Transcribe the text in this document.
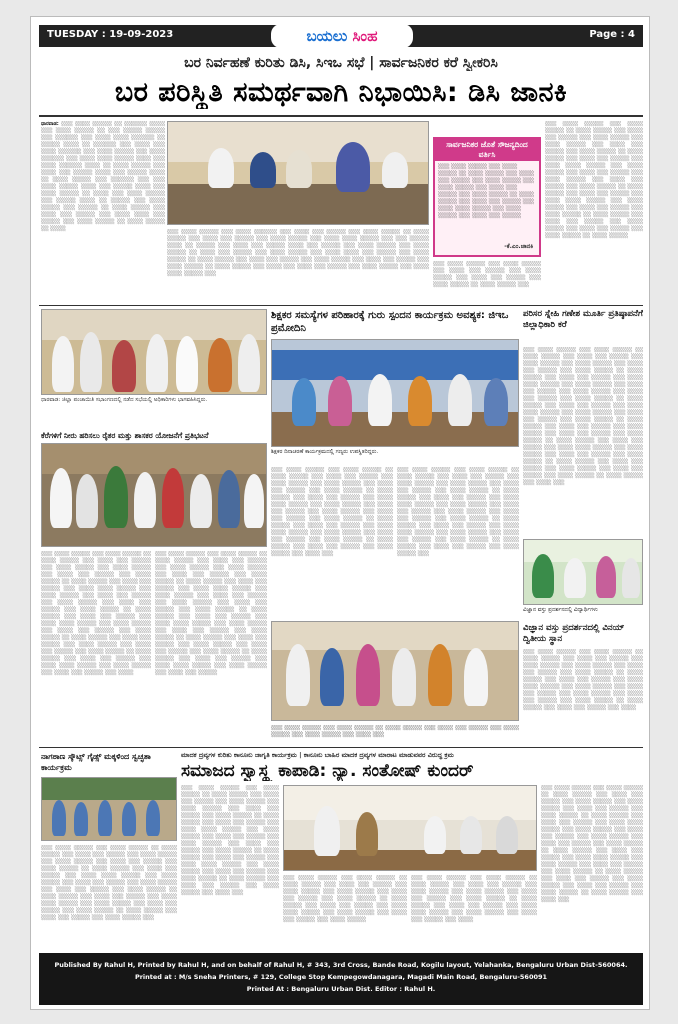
TUESDAY : 19-09-2023	ಬಯಲು ಸಿಂಹ	Page : 4
ಬರ ನಿರ್ವಹಣೆ ಕುರಿತು ಡಿಸಿ, ಸಿಇಒ ಸಭೆ | ಸಾರ್ವಜನಿಕರ ಕರೆ ಸ್ವೀಕರಿಸಿ
ಬರ ಪರಿಸ್ಥಿತಿ ಸಮರ್ಥವಾಗಿ ನಿಭಾಯಿಸಿ: ಡಿಸಿ ಜಾನಕಿ
ಧಾರವಾಡ: ░░░ ░░░░ ░░░░░ ░░ ░░░░░░ ░░░░ ░░░ ░░░░ ░░░░░ ░░ ░░░ ░░░░░ ░░░░░ ░░░ ░░░░░░ ░░░ ░░░░ ░░░░ ░░░░░░ ░░ ░░░░░ ░░░░ ░░ ░░░░░░ ░░░ ░░░░ ░░░ ░░░░ ░░░░░░ ░░░ ░░░░ ░░░░░ ░░░ ░░░░ ░░░░░░ ░░░ ░░░░ ░░░░ ░░░░░ ░░░░ ░░░ ░░░░ ░░░░░░ ░░░░ ░░ ░░░░ ░░░░░ ░░░ ░░░░ ░░░ ░░░░░ ░░░░ ░░░ ░░░░░ ░░░░ ░░ ░░░░ ░░░░░ ░░░ ░░░░░░ ░░░ ░░░ ░░░░ ░░░░░ ░░░░ ░░░ ░░░░░ ░░░░ ░░░ ░░░░ ░░░░░ ░░ ░░░░ ░░░ ░░░░ ░░░░░ ░░░ ░░░░░ ░░░░ ░░ ░░░░░ ░░░ ░░░░ ░░░░░ ░░░ ░░░░░ ░░ ░░░░ ░░░░░ ░░░ ░░░░ ░░░ ░░░░░ ░░░ ░░░░ ░░░░ ░░░ ░░░░░ ░░░ ░░░░ ░░░░░ ░░ ░░░░ ░░░░░ ░░ ░░░░	░░░ ░░░░ ░░░░░ ░░░ ░░░░ ░░░░░░ ░░░ ░░░░ ░░░ ░░░░░ ░░░ ░░░░ ░░░░░ ░░ ░░░░ ░░░░░ ░░░ ░░░░ ░░░ ░░░░░ ░░░ ░░░░ ░░░░░ ░░░ ░░░░ ░░░░ ░░░░░ ░░░ ░░░ ░░░░░ ░░░░ ░░ ░░░░░ ░░░ ░░░░ ░░░ ░░░░░ ░░░░ ░░░ ░░░░░ ░░░ ░░░░ ░░░░░ ░░░ ░░░░ ░░░░░ ░░ ░░░░ ░░░ ░░░░░ ░░░ ░░░░ ░░░░░ ░░░ ░░░░ ░░░░ ░░░ ░░░░░ ░░░ ░░░░ ░░░░░ ░░ ░░░░ ░░░░░ ░░░ ░░░░ ░░░ ░░░░░ ░░░ ░░░░ ░░░░░ ░░░ ░░░░ ░░░ ░░░░░ ░░░ ░░░░ ░░░░░ ░░ ░░░░ ░░░░░ ░░░ ░░░░ ░░░ ░░░░ ░░░ ░░░░░ ░░░ ░░░░ ░░░░░ ░░░ ░░░░ ░░░░ ░░░░░ ░░░
ಸಾರ್ವಜನಿಕರ ಜೊತೆ ಸೌಜನ್ಯದಿಂದ ವರ್ತಿಸಿ
░░░ ░░░░ ░░░░░ ░░░ ░░░░ ░░░░░ ░░ ░░░░ ░░░░░ ░░░ ░░░░ ░░░ ░░░░░ ░░░ ░░░░ ░░░░░ ░░░ ░░░░ ░░░░░ ░░░ ░░░░ ░░░ ░░░░░ ░░░ ░░░░ ░░░░░ ░░ ░░░░ ░░░░░ ░░░ ░░░░ ░░░ ░░░░░ ░░░ ░░░░ ░░░░ ░░░░░ ░░░ ░░░░ ░░░░░ ░░░ ░░░░ ░░░ ░░░░░
-ಕೆ.ಎಂ.ಜಾನಕಿ
░░░ ░░░░ ░░░░░ ░░░ ░░░░ ░░░░░ ░░░ ░░░░ ░░░ ░░░░░ ░░░ ░░░░ ░░░░░ ░░░ ░░░░ ░░░ ░░░░░ ░░░ ░░░░ ░░░░░ ░░ ░░░░ ░░░░░ ░░░
░░░ ░░░░ ░░░░░ ░░░ ░░░░ ░░░░░ ░░ ░░░░ ░░░░░ ░░░ ░░░░ ░░░ ░░░░░ ░░░ ░░░░ ░░░░░ ░░░ ░░░░ ░░░░░ ░░░ ░░░░ ░░░ ░░░░░ ░░░ ░░░░ ░░░░░ ░░ ░░░░ ░░░░░ ░░░ ░░░░ ░░░ ░░░░░ ░░░ ░░░░ ░░░░ ░░░░░ ░░░ ░░░░ ░░░░░ ░░░ ░░░░ ░░░ ░░░░░ ░░░ ░░░░ ░░░░░ ░░░ ░░░░ ░░░ ░░░░░ ░░░ ░░░░ ░░░░░ ░░ ░░░░ ░░░░░ ░░░ ░░░░ ░░░ ░░░░░ ░░░ ░░░░ ░░░░ ░░░░░ ░░░ ░░░░ ░░░░░ ░░░ ░░░░ ░░░ ░░░░░ ░░░ ░░░░ ░░░░░ ░░ ░░░░ ░░░░░ ░░░ ░░░░ ░░░ ░░░░░ ░░░ ░░░░ ░░░░░ ░░░ ░░░░ ░░░ ░░░░░ ░░░ ░░░░ ░░░░░ ░░ ░░░░ ░░░░░
ಧಾರವಾಡ: ಜಿಲ್ಲಾ ಪಂಚಾಯಿತಿ ಸಭಾಂಗಣದಲ್ಲಿ ನಡೆದ ಸಭೆಯಲ್ಲಿ ಅಧಿಕಾರಿಗಳು ಭಾಗವಹಿಸಿದ್ದರು.
ಕೆರೆಗಳಿಗೆ ನೀರು ಹರಿಸಲು ರೈತರ ಮತ್ತು ಶಾಸಕರ ಯೋಜನೆಗೆ ಪ್ರತಿಭಟನೆ
░░░ ░░░░ ░░░░░ ░░░ ░░░░ ░░░░░ ░░ ░░░░ ░░░░░ ░░░ ░░░░ ░░░ ░░░░░ ░░░ ░░░░ ░░░░░ ░░░ ░░░░ ░░░░░ ░░░ ░░░░ ░░░ ░░░░░ ░░░ ░░░░ ░░░░░ ░░ ░░░░ ░░░░░ ░░░ ░░░░ ░░░ ░░░░░ ░░░ ░░░░ ░░░░ ░░░░░ ░░░ ░░░░ ░░░░░ ░░░ ░░░░ ░░░ ░░░░░ ░░░ ░░░░ ░░░░░ ░░░ ░░░░ ░░░ ░░░░░ ░░░ ░░░░ ░░░░░ ░░ ░░░░ ░░░░░ ░░░ ░░░░ ░░░ ░░░░░ ░░░ ░░░░ ░░░░ ░░░░░ ░░░ ░░░░ ░░░░░ ░░░ ░░░░ ░░░ ░░░░░ ░░░ ░░░░ ░░░░░ ░░ ░░░░ ░░░░░ ░░░ ░░░░ ░░░ ░░░░░ ░░░ ░░░░ ░░░░░ ░░░ ░░░░ ░░░ ░░░░░ ░░░ ░░░░ ░░░░░ ░░ ░░░░ ░░░░░ ░░░ ░░░░ ░░░ ░░░░░ ░░░ ░░░░ ░░░░ ░░░░░ ░░░ ░░░░ ░░░░░ ░░░ ░░░░ ░░░ ░░░░░ ░░░ ░░░░
░░░ ░░░░ ░░░░░ ░░░ ░░░░ ░░░░░ ░░ ░░░░ ░░░░░ ░░░ ░░░░ ░░░ ░░░░░ ░░░ ░░░░ ░░░░░ ░░░ ░░░░ ░░░░░ ░░░ ░░░░ ░░░ ░░░░░ ░░░ ░░░░ ░░░░░ ░░ ░░░░ ░░░░░ ░░░ ░░░░ ░░░ ░░░░░ ░░░ ░░░░ ░░░░ ░░░░░ ░░░ ░░░░ ░░░░░ ░░░ ░░░░ ░░░ ░░░░░ ░░░ ░░░░ ░░░░░ ░░░ ░░░░ ░░░ ░░░░░ ░░░ ░░░░ ░░░░░ ░░ ░░░░ ░░░░░ ░░░ ░░░░ ░░░ ░░░░░ ░░░ ░░░░ ░░░░ ░░░░░ ░░░ ░░░░ ░░░░░ ░░░ ░░░░ ░░░ ░░░░░ ░░░ ░░░░ ░░░░░ ░░ ░░░░ ░░░░░ ░░░ ░░░░ ░░░ ░░░░░ ░░░ ░░░░ ░░░░░ ░░░ ░░░░ ░░░ ░░░░░ ░░░ ░░░░ ░░░░░ ░░ ░░░░ ░░░░░ ░░░ ░░░░ ░░░ ░░░░░ ░░░ ░░░░ ░░░░ ░░░░░ ░░░ ░░░░ ░░░░░ ░░░ ░░░░ ░░░ ░░░░░
ಶಿಕ್ಷಕರ ಸಮಸ್ಯೆಗಳ ಪರಿಹಾರಕ್ಕೆ ಗುರು ಸ್ಪಂದನ ಕಾರ್ಯಕ್ರಮ ಅವಶ್ಯಕ: ಜಿಇಒ ಪ್ರಮೋದಿನಿ
ಶಿಕ್ಷಕರ ದಿನಾಚರಣೆ ಕಾರ್ಯಕ್ರಮದಲ್ಲಿ ಗಣ್ಯರು ಉಪಸ್ಥಿತರಿದ್ದರು.
░░░ ░░░░ ░░░░░ ░░░ ░░░░ ░░░░░ ░░ ░░░░ ░░░░░ ░░░ ░░░░ ░░░ ░░░░░ ░░░ ░░░░ ░░░░░ ░░░ ░░░░ ░░░░░ ░░░ ░░░░ ░░░ ░░░░░ ░░░ ░░░░ ░░░░░ ░░ ░░░░ ░░░░░ ░░░ ░░░░ ░░░ ░░░░░ ░░░ ░░░░ ░░░░ ░░░░░ ░░░ ░░░░ ░░░░░ ░░░ ░░░░ ░░░ ░░░░░ ░░░ ░░░░ ░░░░░ ░░░ ░░░░ ░░░ ░░░░░ ░░░ ░░░░ ░░░░░ ░░ ░░░░ ░░░░░ ░░░ ░░░░ ░░░ ░░░░░ ░░░ ░░░░ ░░░░ ░░░░░ ░░░ ░░░░ ░░░░░ ░░░ ░░░░ ░░░ ░░░░░ ░░░ ░░░░ ░░░░░ ░░ ░░░░ ░░░░░ ░░░ ░░░░ ░░░ ░░░░░ ░░░ ░░░░ ░░░░░ ░░░ ░░░░ ░░░
░░░ ░░░░ ░░░░░ ░░░ ░░░░ ░░░░░ ░░ ░░░░ ░░░░░ ░░░ ░░░░ ░░░ ░░░░░ ░░░ ░░░░ ░░░░░ ░░░ ░░░░ ░░░░░ ░░░ ░░░░ ░░░ ░░░░░ ░░░ ░░░░ ░░░░░ ░░ ░░░░ ░░░░░ ░░░ ░░░░ ░░░ ░░░░░ ░░░ ░░░░ ░░░░ ░░░░░ ░░░ ░░░░ ░░░░░ ░░░ ░░░░ ░░░ ░░░░░ ░░░ ░░░░ ░░░░░ ░░░ ░░░░ ░░░ ░░░░░ ░░░ ░░░░ ░░░░░ ░░ ░░░░ ░░░░░ ░░░ ░░░░ ░░░ ░░░░░ ░░░ ░░░░ ░░░░ ░░░░░ ░░░ ░░░░ ░░░░░ ░░░ ░░░░ ░░░ ░░░░░ ░░░ ░░░░ ░░░░░ ░░ ░░░░ ░░░░░ ░░░ ░░░░ ░░░ ░░░░░ ░░░ ░░░░ ░░░░░ ░░░
░░░ ░░░░ ░░░░░ ░░░ ░░░░ ░░░░░ ░░ ░░░░ ░░░░░ ░░░ ░░░░ ░░░ ░░░░░ ░░░ ░░░░ ░░░░░ ░░░ ░░░░ ░░░░░ ░░░ ░░░░ ░░░
ಪರಿಸರ ಸ್ನೇಹಿ ಗಣೇಶ ಮೂರ್ತಿ ಪ್ರತಿಷ್ಠಾಪನೆಗೆ ಜಿಲ್ಲಾಧಿಕಾರಿ ಕರೆ
░░░ ░░░░ ░░░░░ ░░░ ░░░░ ░░░░░ ░░ ░░░░ ░░░░░ ░░░ ░░░░ ░░░ ░░░░░ ░░░ ░░░░ ░░░░░ ░░░ ░░░░ ░░░░░ ░░░ ░░░░ ░░░ ░░░░░ ░░░ ░░░░ ░░░░░ ░░ ░░░░ ░░░░░ ░░░ ░░░░ ░░░ ░░░░░ ░░░ ░░░░ ░░░░ ░░░░░ ░░░ ░░░░ ░░░░░ ░░░ ░░░░ ░░░ ░░░░░ ░░░ ░░░░ ░░░░░ ░░░ ░░░░ ░░░ ░░░░░ ░░░ ░░░░ ░░░░░ ░░ ░░░░ ░░░░░ ░░░ ░░░░ ░░░ ░░░░░ ░░░ ░░░░ ░░░░ ░░░░░ ░░░ ░░░░ ░░░░░ ░░░ ░░░░ ░░░ ░░░░░ ░░░ ░░░░ ░░░░░ ░░ ░░░░ ░░░░░ ░░░ ░░░░ ░░░ ░░░░░ ░░░ ░░░░ ░░░░░ ░░░ ░░░░ ░░░ ░░░░░ ░░░ ░░░░ ░░░░░ ░░ ░░░░ ░░░░░ ░░░ ░░░░ ░░░ ░░░░░ ░░░ ░░░░ ░░░░ ░░░░░ ░░░ ░░░░ ░░░░░ ░░░ ░░░░ ░░░ ░░░░░ ░░░ ░░░░ ░░░░░ ░░ ░░░░ ░░░░░ ░░░ ░░░░ ░░░ ░░░░░ ░░░ ░░░░ ░░░░░ ░░░ ░░░░ ░░░ ░░░░░ ░░░ ░░░░ ░░░░░ ░░ ░░░░ ░░░░░ ░░░ ░░░░ ░░░
ವಿಜ್ಞಾನ ವಸ್ತು ಪ್ರದರ್ಶನದಲ್ಲಿ ವಿದ್ಯಾರ್ಥಿಗಳು
ವಿಜ್ಞಾನ ವಸ್ತು ಪ್ರದರ್ಶನದಲ್ಲಿ ವಿನಯ್ ದ್ವಿತೀಯ ಸ್ಥಾನ
░░░ ░░░░ ░░░░░ ░░░ ░░░░ ░░░░░ ░░ ░░░░ ░░░░░ ░░░ ░░░░ ░░░ ░░░░░ ░░░ ░░░░ ░░░░░ ░░░ ░░░░ ░░░░░ ░░░ ░░░░ ░░░ ░░░░░ ░░░ ░░░░ ░░░░░ ░░ ░░░░ ░░░░░ ░░░ ░░░░ ░░░ ░░░░░ ░░░ ░░░░ ░░░░ ░░░░░ ░░░ ░░░░ ░░░░░ ░░░ ░░░░ ░░░ ░░░░░ ░░░ ░░░░ ░░░░░ ░░░ ░░░░ ░░░ ░░░░░ ░░░ ░░░░ ░░░░░ ░░ ░░░░ ░░░░░ ░░░ ░░░░ ░░░ ░░░░░ ░░░ ░░░░
ನಾಗಠಾಣ ಸ್ಕೌಟ್ಸ್ ಗೈಡ್ಸ್ ಮಕ್ಕಳಿಂದ ಸ್ವಚ್ಛತಾ ಕಾರ್ಯಕ್ರಮ
░░░ ░░░░ ░░░░░ ░░░ ░░░░ ░░░░░ ░░ ░░░░ ░░░░░ ░░░ ░░░░ ░░░ ░░░░░ ░░░ ░░░░ ░░░░░ ░░░ ░░░░ ░░░░░ ░░░ ░░░░ ░░░ ░░░░░ ░░░ ░░░░ ░░░░░ ░░ ░░░░ ░░░░░ ░░░ ░░░░ ░░░ ░░░░░ ░░░ ░░░░ ░░░░ ░░░░░ ░░░ ░░░░ ░░░░░ ░░░ ░░░░ ░░░ ░░░░░ ░░░ ░░░░ ░░░░░ ░░░ ░░░░ ░░░ ░░░░░ ░░░ ░░░░ ░░░░░ ░░ ░░░░ ░░░░░ ░░░ ░░░░ ░░░ ░░░░░ ░░░ ░░░░ ░░░░ ░░░░░ ░░░ ░░░░ ░░░░░ ░░░ ░░░░ ░░░ ░░░░░ ░░░ ░░░░ ░░░░░ ░░ ░░░░ ░░░░░ ░░░ ░░░░ ░░░ ░░░░░ ░░░ ░░░░ ░░░░░ ░░░
ಮಾದಕ ದ್ರವ್ಯಗಳ ಕುರಿತು ಕಾನೂನು ಜಾಗೃತಿ ಕಾರ್ಯಕ್ರಮ | ಕಾನೂನು ಬಾಹಿರ ಮಾದಕ ದ್ರವ್ಯಗಳ ಮಾರಾಟ ಮಾಡುವವರ ವಿರುದ್ಧ ಕ್ರಮ
ಸಮಾಜದ ಸ್ವಾಸ್ಥ್ಯ ಕಾಪಾಡಿ: ನ್ಯಾ. ಸಂತೋಷ್ ಕುಂದರ್
░░░ ░░░░ ░░░░░ ░░░ ░░░░ ░░░░░ ░░ ░░░░ ░░░░░ ░░░ ░░░░ ░░░ ░░░░░ ░░░ ░░░░ ░░░░░ ░░░ ░░░░ ░░░░░ ░░░ ░░░░ ░░░ ░░░░░ ░░░ ░░░░ ░░░░░ ░░ ░░░░ ░░░░░ ░░░ ░░░░ ░░░ ░░░░░ ░░░ ░░░░ ░░░░ ░░░░░ ░░░ ░░░░ ░░░░░ ░░░ ░░░░ ░░░ ░░░░░ ░░░ ░░░░ ░░░░░ ░░░ ░░░░ ░░░ ░░░░░ ░░░ ░░░░ ░░░░░ ░░ ░░░░ ░░░░░ ░░░ ░░░░ ░░░ ░░░░░ ░░░ ░░░░ ░░░░ ░░░░░ ░░░ ░░░░ ░░░░░ ░░░ ░░░░ ░░░ ░░░░░ ░░░ ░░░░ ░░░░░ ░░ ░░░░ ░░░░░ ░░░ ░░░░ ░░░ ░░░░░ ░░░ ░░░░ ░░░░░ ░░░ ░░░░ ░░░
░░░ ░░░░ ░░░░░ ░░░ ░░░░ ░░░░░ ░░ ░░░░ ░░░░░ ░░░ ░░░░ ░░░ ░░░░░ ░░░ ░░░░ ░░░░░ ░░░ ░░░░ ░░░░░ ░░░ ░░░░ ░░░ ░░░░░ ░░░ ░░░░ ░░░░░ ░░ ░░░░ ░░░░░ ░░░ ░░░░ ░░░ ░░░░░ ░░░ ░░░░ ░░░░ ░░░░░ ░░░ ░░░░ ░░░░░ ░░░ ░░░░ ░░░ ░░░░░ ░░░ ░░░░ ░░░░░
░░░ ░░░░ ░░░░░ ░░░ ░░░░ ░░░░░ ░░ ░░░░ ░░░░░ ░░░ ░░░░ ░░░ ░░░░░ ░░░ ░░░░ ░░░░░ ░░░ ░░░░ ░░░░░ ░░░ ░░░░ ░░░ ░░░░░ ░░░ ░░░░ ░░░░░ ░░ ░░░░ ░░░░░ ░░░ ░░░░ ░░░ ░░░░░ ░░░ ░░░░ ░░░░ ░░░░░ ░░░ ░░░░ ░░░░░ ░░░ ░░░░ ░░░ ░░░░░ ░░░ ░░░░
░░░ ░░░░ ░░░░░ ░░░ ░░░░ ░░░░░ ░░ ░░░░ ░░░░░ ░░░ ░░░░ ░░░ ░░░░░ ░░░ ░░░░ ░░░░░ ░░░ ░░░░ ░░░░░ ░░░ ░░░░ ░░░ ░░░░░ ░░░ ░░░░ ░░░░░ ░░ ░░░░ ░░░░░ ░░░ ░░░░ ░░░ ░░░░░ ░░░ ░░░░ ░░░░ ░░░░░ ░░░ ░░░░ ░░░░░ ░░░ ░░░░ ░░░ ░░░░░ ░░░ ░░░░ ░░░░░ ░░░ ░░░░ ░░░ ░░░░░ ░░░ ░░░░ ░░░░░ ░░ ░░░░ ░░░░░ ░░░ ░░░░ ░░░ ░░░░░ ░░░ ░░░░ ░░░░ ░░░░░ ░░░ ░░░░ ░░░░░ ░░░ ░░░░ ░░░ ░░░░░ ░░░ ░░░░ ░░░░░ ░░ ░░░░ ░░░░░ ░░░ ░░░░ ░░░ ░░░░░ ░░░ ░░░░ ░░░░░ ░░░ ░░░░ ░░░ ░░░░░ ░░░ ░░░░ ░░░░░ ░░ ░░░░ ░░░░░ ░░░ ░░░░ ░░░
Published By Rahul H, Printed by Rahul H, and on behalf of Rahul H, # 343, 3rd Cross, Bande Road, Kogilu layout, Yelahanka, Bengaluru Urban Dist-560064.
Printed at : M/s Sneha Printers, # 129, College Stop Kempegowdanagara, Magadi Main Road, Bengaluru-560091
Printed At : Bengaluru Urban Dist. Editor : Rahul H.
